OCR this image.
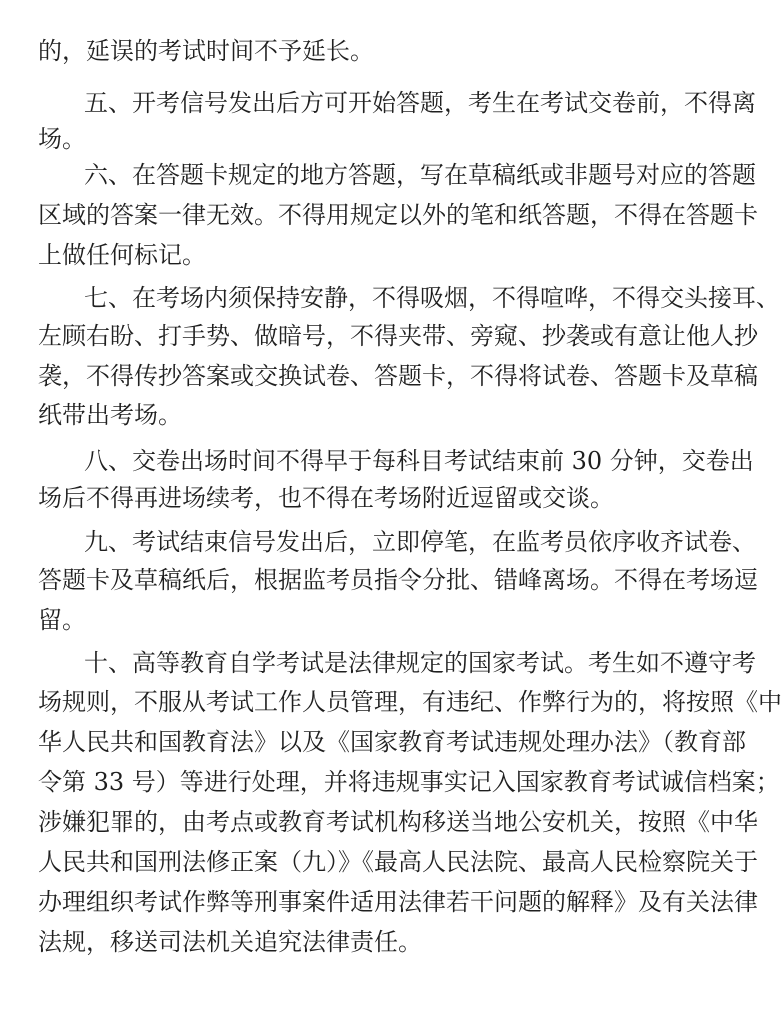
的，延误的考试时间不予延长。
五、开考信号发出后方可开始答题，考生在考试交卷前，不得离
场。
六、在答题卡规定的地方答题，写在草稿纸或非题号对应的答题
区域的答案一律无效。不得用规定以外的笔和纸答题，不得在答题卡
上做任何标记。
七、在考场内须保持安静，不得吸烟，不得喧哗，不得交头接耳、
左顾右盼、打手势、做暗号，不得夹带、旁窥、抄袭或有意让他人抄
袭，不得传抄答案或交换试卷、答题卡，不得将试卷、答题卡及草稿
纸带出考场。
八、交卷出场时间不得早于每科目考试结束前 30 分钟，交卷出
场后不得再进场续考，也不得在考场附近逗留或交谈。
九、考试结束信号发出后，立即停笔，在监考员依序收齐试卷、
答题卡及草稿纸后，根据监考员指令分批、错峰离场。不得在考场逗
留。
十、高等教育自学考试是法律规定的国家考试。考生如不遵守考
场规则，不服从考试工作人员管理，有违纪、作弊行为的，将按照《中
华人民共和国教育法》以及《国家教育考试违规处理办法》（教育部
令第 33 号）等进行处理，并将违规事实记入国家教育考试诚信档案；
涉嫌犯罪的，由考点或教育考试机构移送当地公安机关，按照《中华
人民共和国刑法修正案（九）》《最高人民法院、最高人民检察院关于
办理组织考试作弊等刑事案件适用法律若干问题的解释》及有关法律
法规，移送司法机关追究法律责任。
